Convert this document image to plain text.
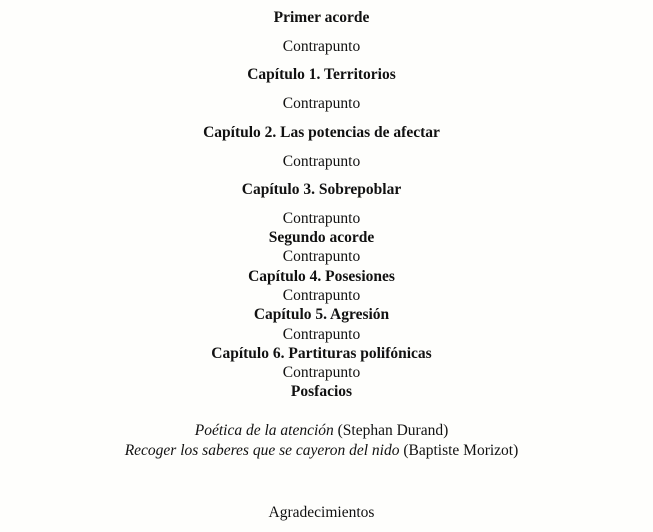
Primer acorde
Contrapunto
Capítulo 1. Territorios
Contrapunto
Capítulo 2. Las potencias de afectar
Contrapunto
Capítulo 3. Sobrepoblar
Contrapunto
Segundo acorde
Contrapunto
Capítulo 4. Posesiones
Contrapunto
Capítulo 5. Agresión
Contrapunto
Capítulo 6. Partituras polifónicas
Contrapunto
Posfacios
Poética de la atención (Stephan Durand)
Recoger los saberes que se cayeron del nido (Baptiste Morizot)
Agradecimientos
